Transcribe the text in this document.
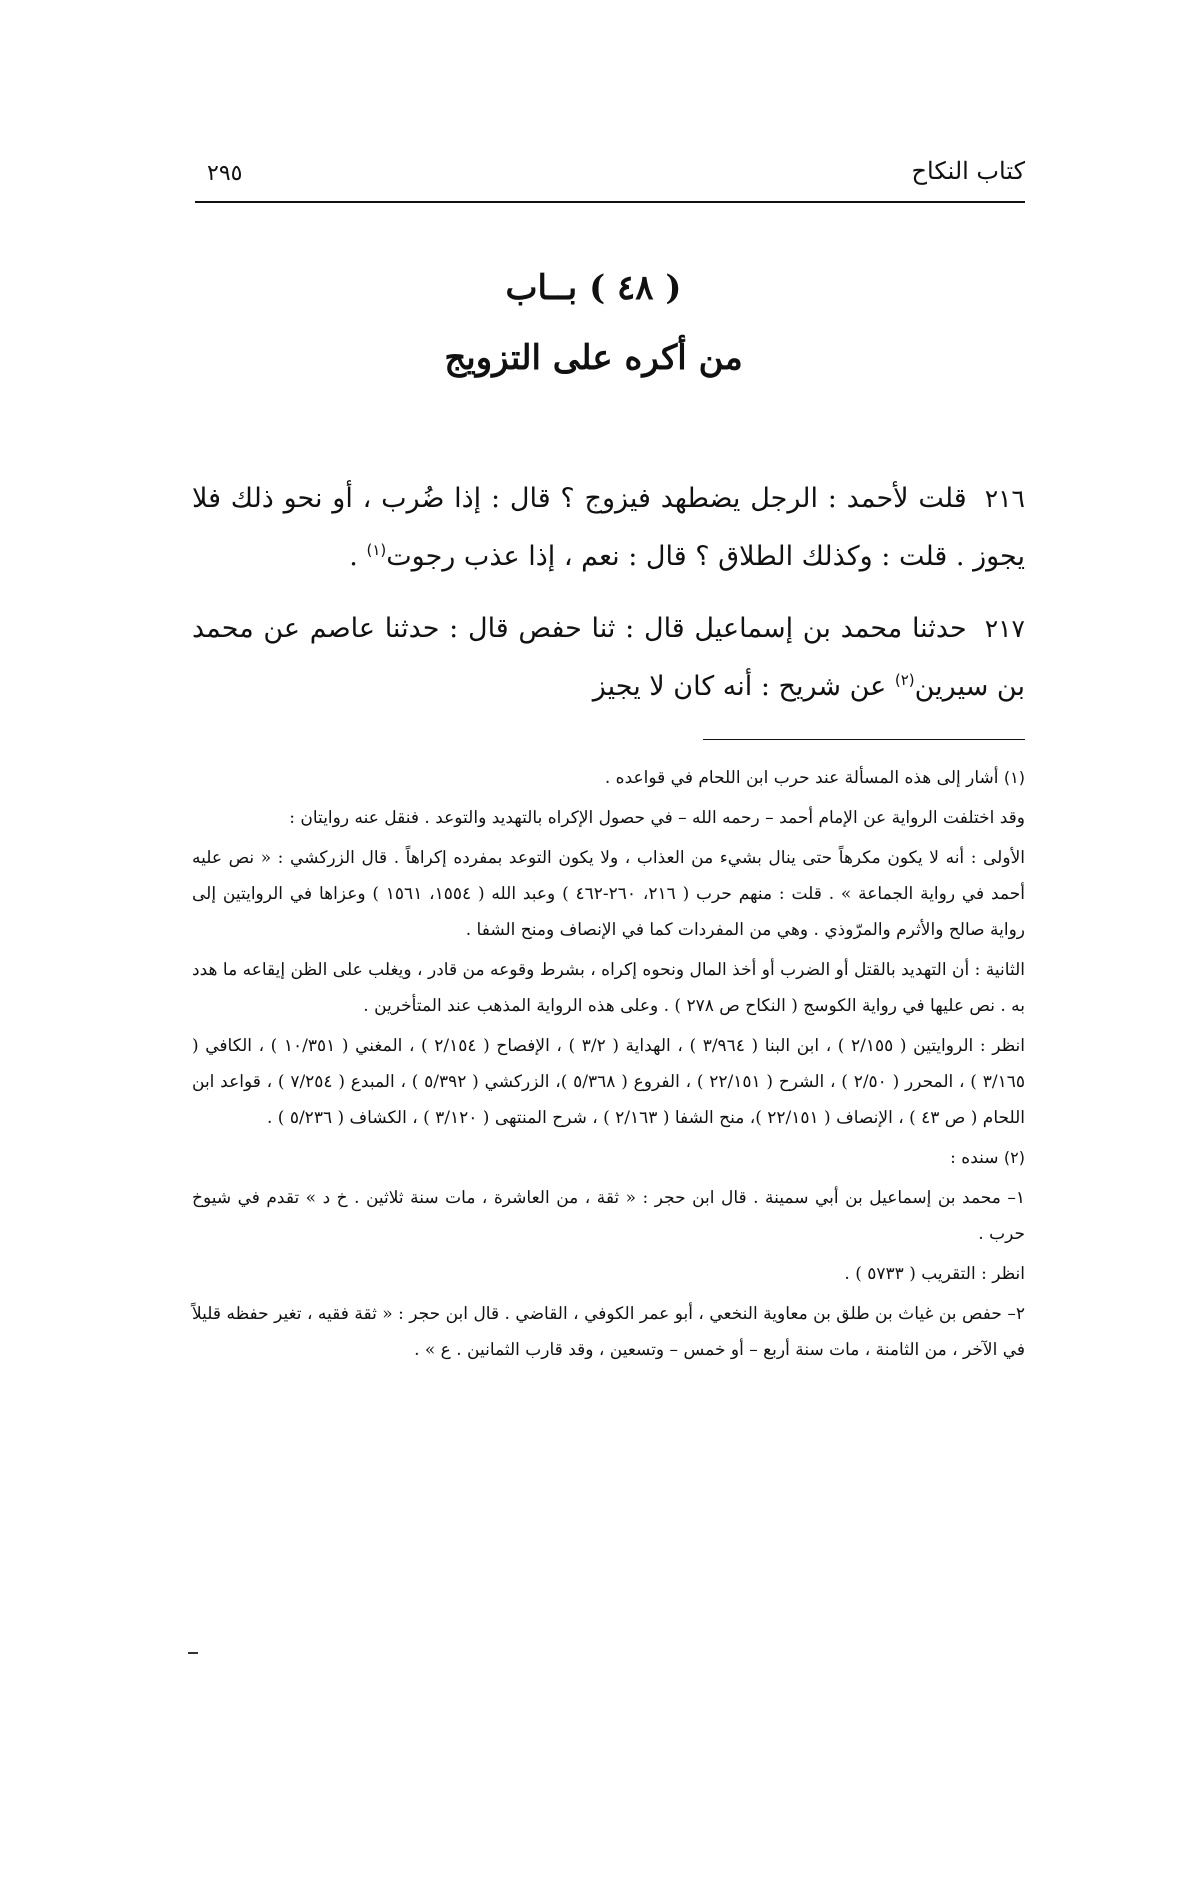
كتاب النكاح
٢٩٥
( ٤٨ ) بــاب
من أكره على التزويج
٢١٦قلت لأحمد : الرجل يضطهد فيزوج ؟ قال : إذا ضُرب ، أو نحو ذلك فلا يجوز . قلت : وكذلك الطلاق ؟ قال : نعم ، إذا عذب رجوت$^{(١)}$ .
٢١٧حدثنا محمد بن إسماعيل قال : ثنا حفص قال : حدثنا عاصم عن محمد بن سيرين$^{(٢)}$ عن شريح : أنه كان لا يجيز

(١) أشار إلى هذه المسألة عند حرب ابن اللحام في قواعده .

وقد اختلفت الرواية عن الإمام أحمد – رحمه الله – في حصول الإكراه بالتهديد والتوعد . فنقل عنه روايتان :

الأولى : أنه لا يكون مكرهاً حتى ينال بشيء من العذاب ، ولا يكون التوعد بمفرده إكراهاً . قال الزركشي : « نص عليه أحمد في رواية الجماعة » . قلت : منهم حرب ( ٢١٦، ٢٦٠-٤٦٢ ) وعبد الله ( ١٥٥٤، ١٥٦١ ) وعزاها في الروايتين إلى رواية صالح والأثرم والمرّوذي . وهي من المفردات كما في الإنصاف ومنح الشفا .

الثانية : أن التهديد بالقتل أو الضرب أو أخذ المال ونحوه إكراه ، بشرط وقوعه من قادر ، ويغلب على الظن إيقاعه ما هدد به . نص عليها في رواية الكوسج ( النكاح ص ٢٧٨ ) . وعلى هذه الرواية المذهب عند المتأخرين .

انظر : الروايتين ( ٢/١٥٥ ) ، ابن البنا ( ٣/٩٦٤ ) ، الهداية ( ٣/٢ ) ، الإفصاح ( ٢/١٥٤ ) ، المغني ( ١٠/٣٥١ ) ، الكافي ( ٣/١٦٥ ) ، المحرر ( ٢/٥٠ ) ، الشرح ( ٢٢/١٥١ ) ، الفروع ( ٥/٣٦٨ )، الزركشي ( ٥/٣٩٢ ) ، المبدع ( ٧/٢٥٤ ) ، قواعد ابن اللحام ( ص ٤٣ ) ، الإنصاف ( ٢٢/١٥١ )، منح الشفا ( ٢/١٦٣ ) ، شرح المنتهى ( ٣/١٢٠ ) ، الكشاف ( ٥/٢٣٦ ) .

(٢) سنده :

١– محمد بن إسماعيل بن أبي سمينة . قال ابن حجر : « ثقة ، من العاشرة ، مات سنة ثلاثين . خ د » تقدم في شيوخ حرب .

انظر : التقريب ( ٥٧٣٣ ) .

٢– حفص بن غياث بن طلق بن معاوية النخعي ، أبو عمر الكوفي ، القاضي . قال ابن حجر : « ثقة فقيه ، تغير حفظه قليلاً في الآخر ، من الثامنة ، مات سنة أربع – أو خمس – وتسعين ، وقد قارب الثمانين . ع » .
